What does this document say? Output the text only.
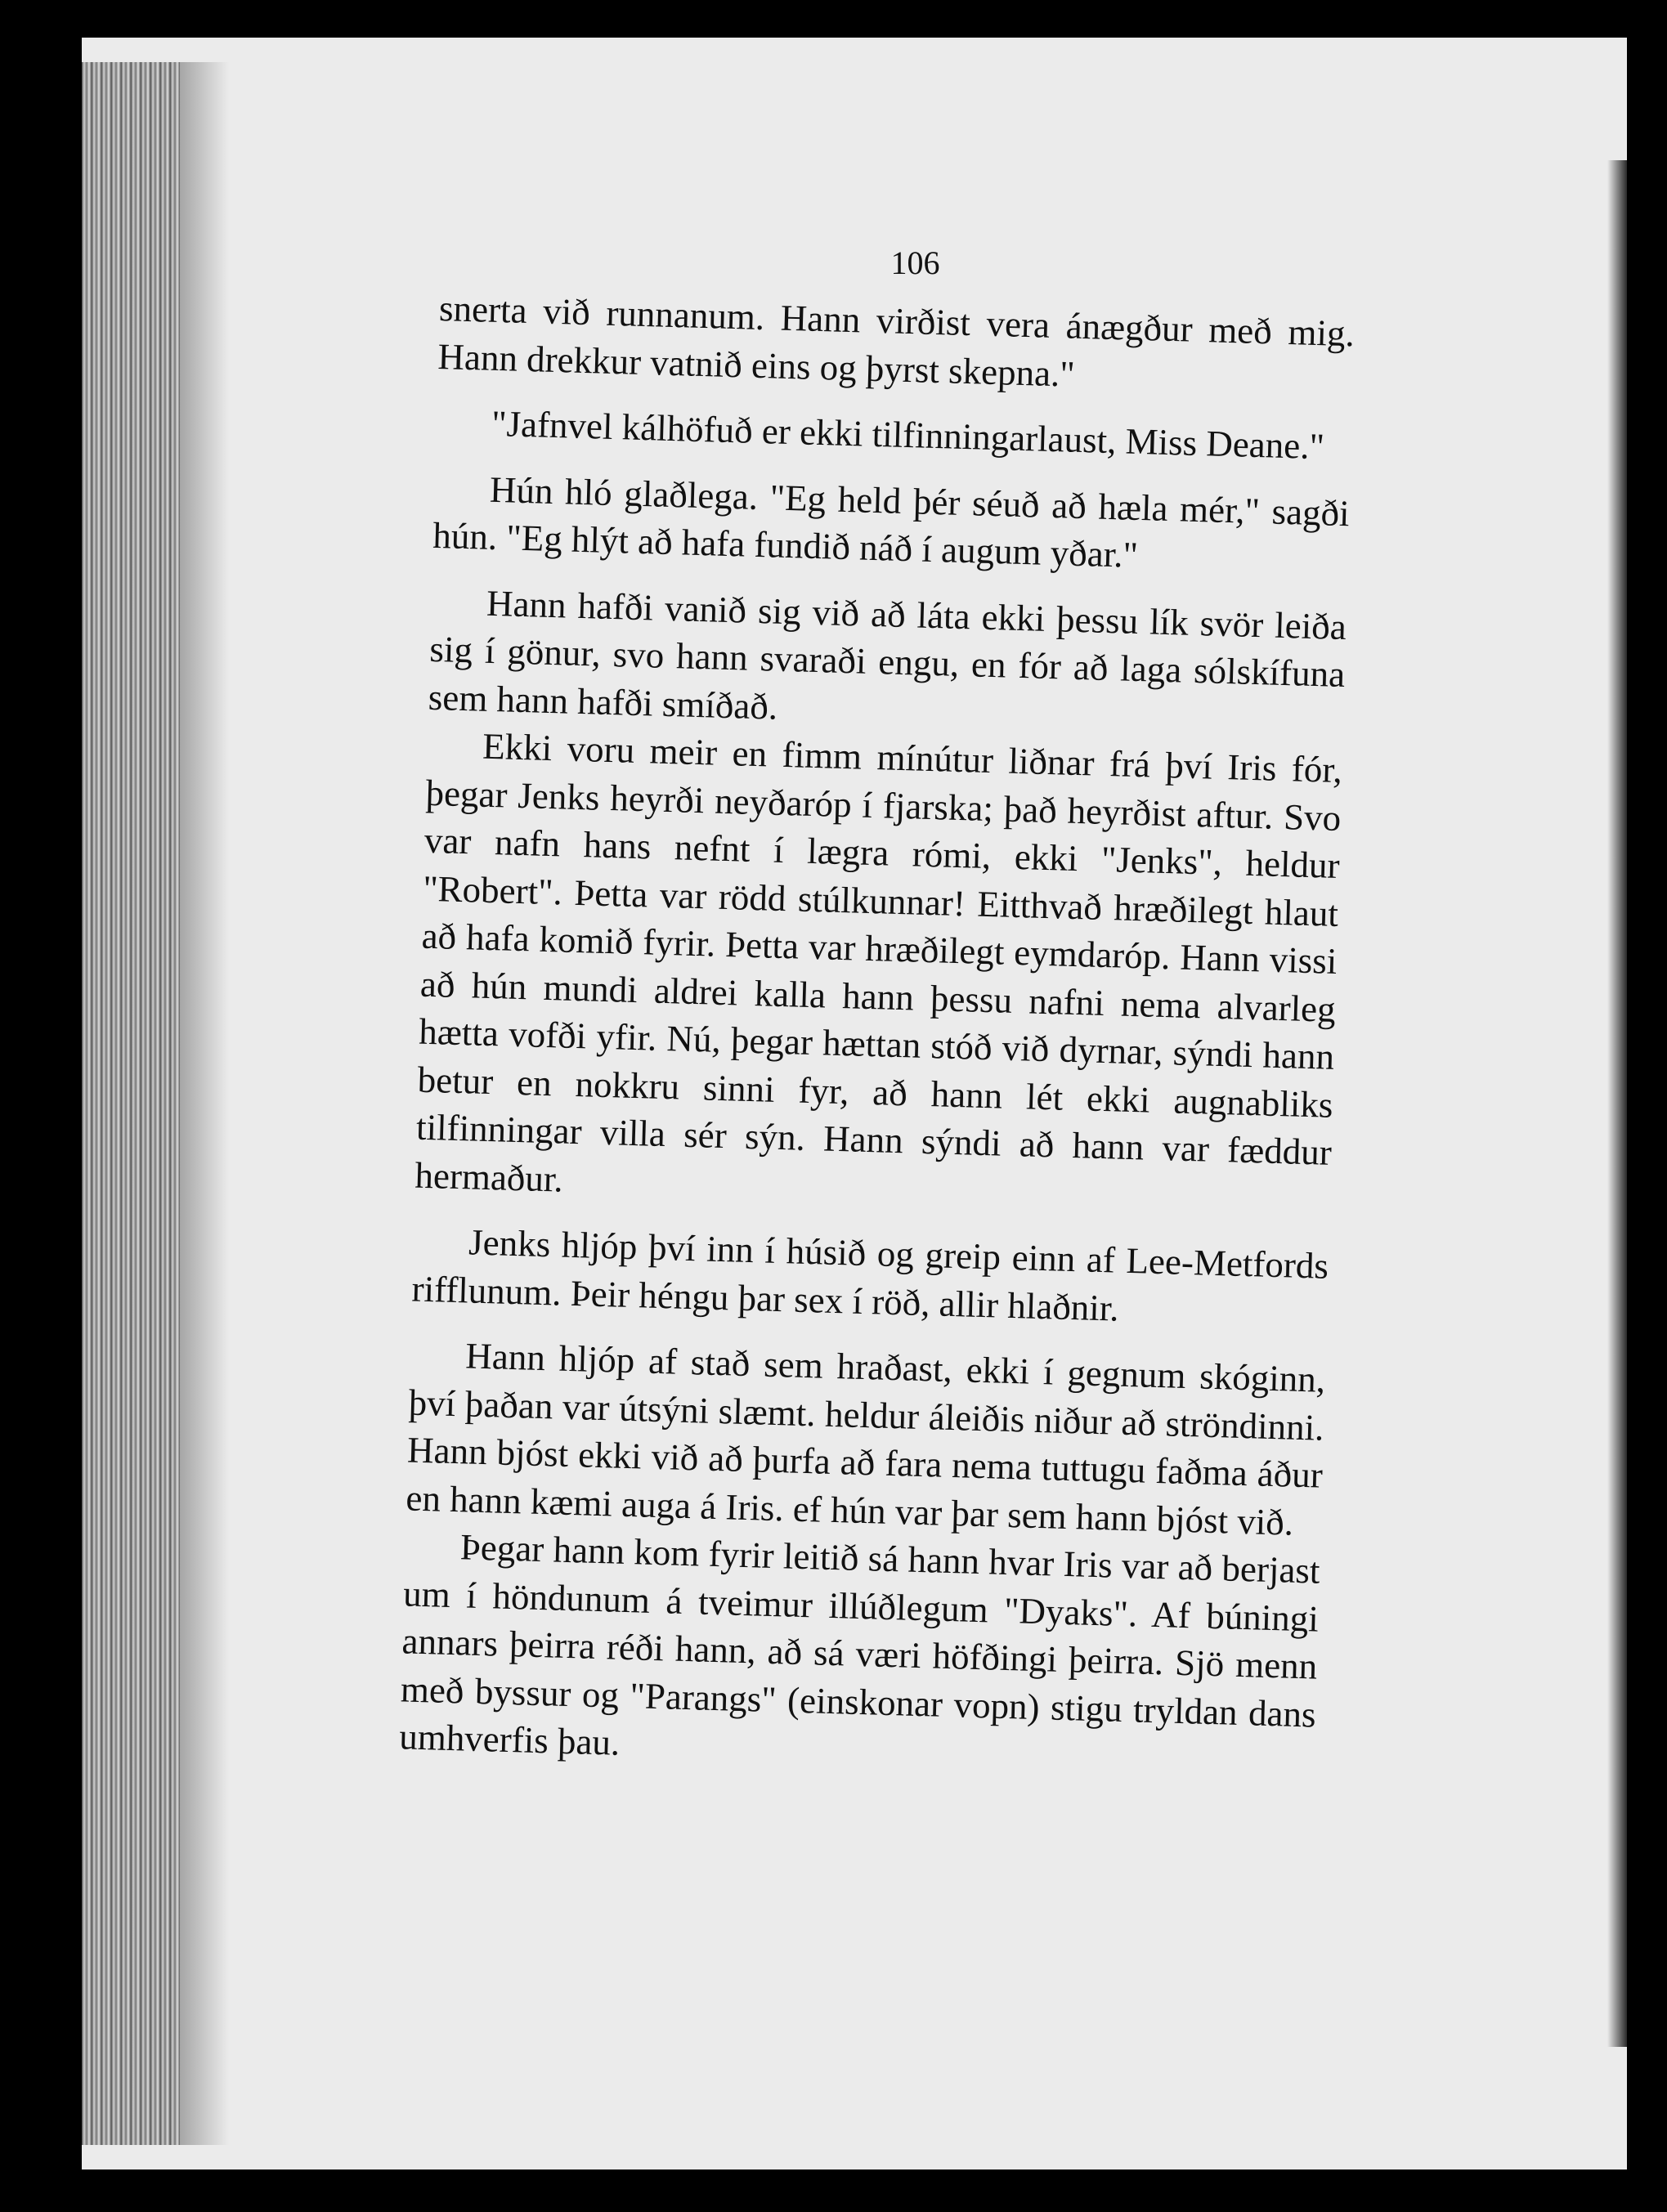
106

snerta við runnanum. Hann virðist vera ánægður með mig. Hann drekkur vatnið eins og þyrst skepna."

"Jafnvel kálhöfuð er ekki tilfinningarlaust, Miss Deane."

Hún hló glaðlega. "Eg held þér séuð að hæla mér," sagði hún. "Eg hlýt að hafa fundið náð í augum yðar."

Hann hafði vanið sig við að láta ekki þessu lík svör leiða sig í gönur, svo hann svaraði engu, en fór að laga sólskífuna sem hann hafði smíðað.

Ekki voru meir en fimm mínútur liðnar frá því Iris fór, þegar Jenks heyrði neyðaróp í fjarska; það heyrðist aftur. Svo var nafn hans nefnt í lægra rómi, ekki "Jenks", heldur "Robert". Þetta var rödd stúlkunnar! Eitthvað hræðilegt hlaut að hafa komið fyrir. Þetta var hræðilegt eymdaróp. Hann vissi að hún mundi aldrei kalla hann þessu nafni nema alvarleg hætta vofði yfir. Nú, þegar hættan stóð við dyrnar, sýndi hann betur en nokkru sinni fyr, að hann lét ekki augnabliks tilfinningar villa sér sýn. Hann sýndi að hann var fæddur hermaður.

Jenks hljóp því inn í húsið og greip einn af Lee-Metfords rifflunum. Þeir héngu þar sex í röð, allir hlaðnir.

Hann hljóp af stað sem hraðast, ekki í gegnum skóginn, því þaðan var útsýni slæmt. heldur áleiðis niður að ströndinni. Hann bjóst ekki við að þurfa að fara nema tuttugu faðma áður en hann kæmi auga á Iris. ef hún var þar sem hann bjóst við.

Þegar hann kom fyrir leitið sá hann hvar Iris var að berjast um í höndunum á tveimur illúðlegum "Dyaks". Af búningi annars þeirra réði hann, að sá væri höfðingi þeirra. Sjö menn með byssur og "Parangs" (einskonar vopn) stigu tryldan dans umhverfis þau.
